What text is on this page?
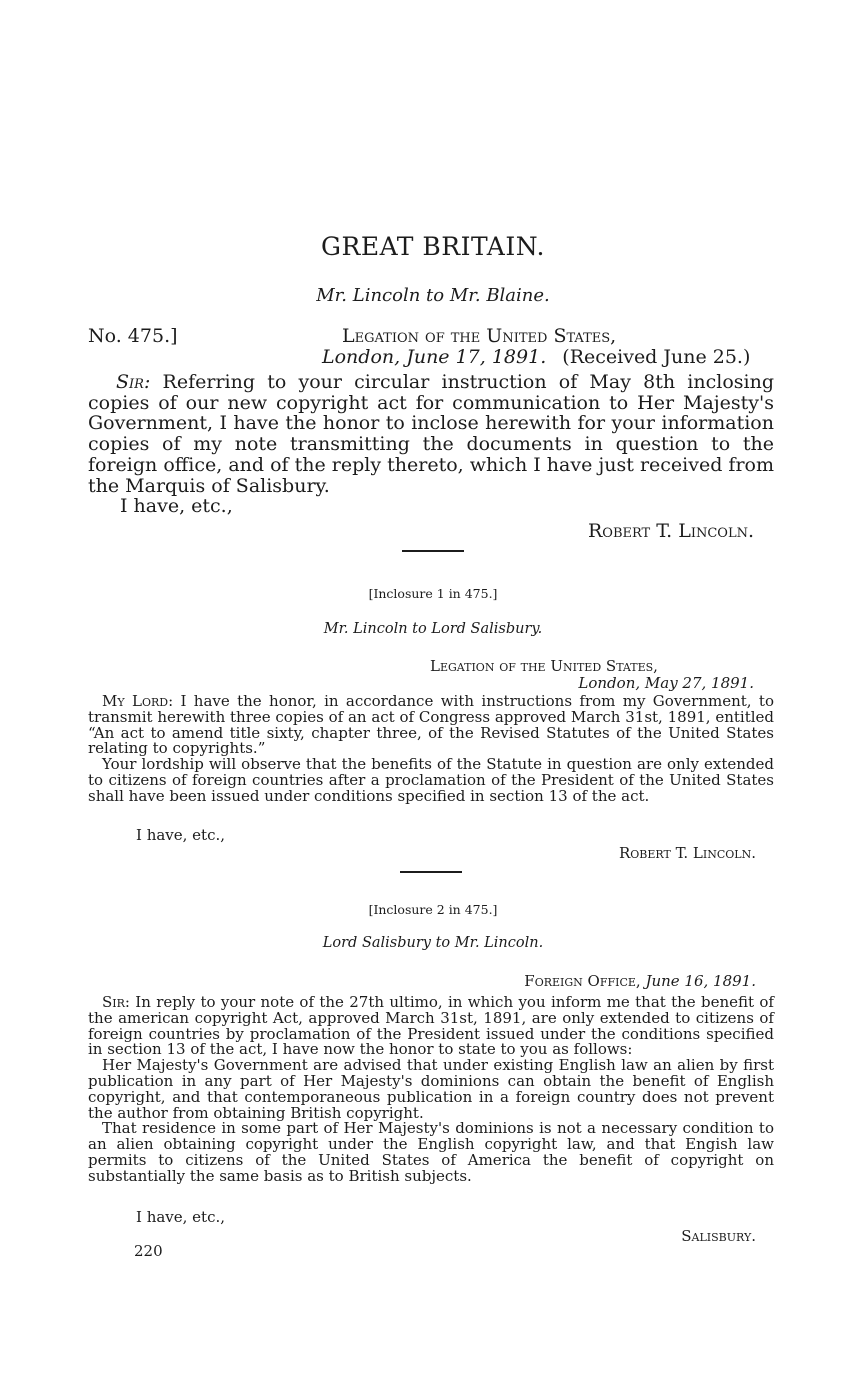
GREAT BRITAIN.
Mr. Lincoln to Mr. Blaine.
No. 475.]	Legation of the United States,
London, June 17, 1891. (Received June 25.)

Sir: Referring to your circular instruction of May 8th inclosing copies of our new copyright act for communication to Her Majesty's Government, I have the honor to inclose herewith for your information copies of my note transmitting the documents in question to the foreign office, and of the reply thereto, which I have just received from the Marquis of Salisbury.

I have, etc.,
Robert T. Lincoln.
[Inclosure 1 in 475.]
Mr. Lincoln to Lord Salisbury.
Legation of the United States,
London, May 27, 1891.

My Lord: I have the honor, in accordance with instructions from my Government, to transmit herewith three copies of an act of Congress approved March 31st, 1891, entitled “An act to amend title sixty, chapter three, of the Revised Statutes of the United States relating to copyrights.”

Your lordship will observe that the benefits of the Statute in question are only extended to citizens of foreign countries after a proclamation of the President of the United States shall have been issued under conditions specified in section 13 of the act.

I have, etc.,
Robert T. Lincoln.
[Inclosure 2 in 475.]
Lord Salisbury to Mr. Lincoln.
Foreign Office, June 16, 1891.

Sir: In reply to your note of the 27th ultimo, in which you inform me that the benefit of the american copyright Act, approved March 31st, 1891, are only extended to citizens of foreign countries by proclamation of the President issued under the conditions specified in section 13 of the act, I have now the honor to state to you as follows:

Her Majesty's Government are advised that under existing English law an alien by first publication in any part of Her Majesty's dominions can obtain the benefit of English copyright, and that contemporaneous publication in a foreign country does not prevent the author from obtaining British copyright.

That residence in some part of Her Majesty's dominions is not a necessary condition to an alien obtaining copyright under the English copyright law, and that Engish law permits to citizens of the United States of America the benefit of copyright on substantially the same basis as to British subjects.

I have, etc.,
Salisbury.
220
